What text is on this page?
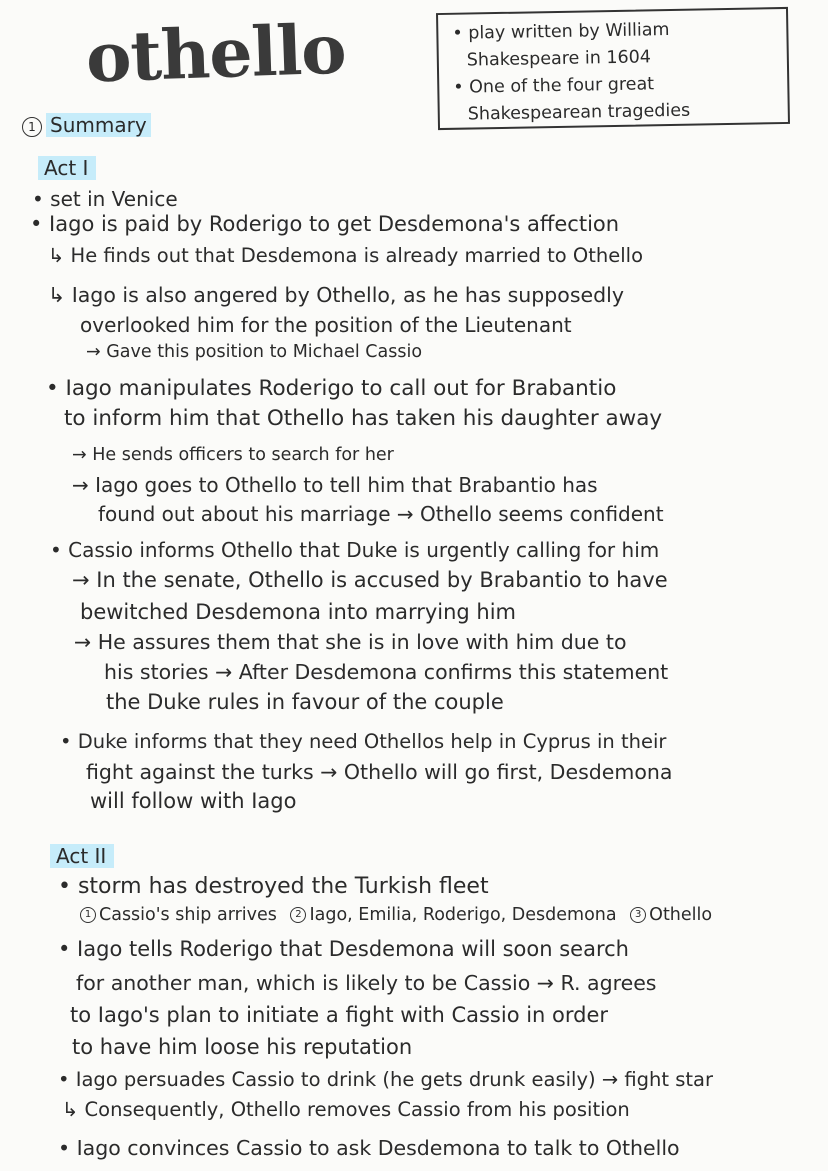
othello	• play written by William
Shakespeare in 1604
• One of the four great
Shakespearean tragedies
1 Summary
Act I
• set in Venice
• Iago is paid by Roderigo to get Desdemona's affection
↳ He finds out that Desdemona is already married to Othello
↳ Iago is also angered by Othello, as he has supposedly
overlooked him for the position of the Lieutenant
→ Gave this position to Michael Cassio
• Iago manipulates Roderigo to call out for Brabantio
to inform him that Othello has taken his daughter away
→ He sends officers to search for her
→ Iago goes to Othello to tell him that Brabantio has
found out about his marriage → Othello seems confident
• Cassio informs Othello that Duke is urgently calling for him
→ In the senate, Othello is accused by Brabantio to have
bewitched Desdemona into marrying him
→ He assures them that she is in love with him due to
his stories → After Desdemona confirms this statement
the Duke rules in favour of the couple
• Duke informs that they need Othellos help in Cyprus in their
fight against the turks → Othello will go first, Desdemona
will follow with Iago
Act II
• storm has destroyed the Turkish fleet
1 Cassio's ship arrives 2 Iago, Emilia, Roderigo, Desdemona 3 Othello
• Iago tells Roderigo that Desdemona will soon search
for another man, which is likely to be Cassio → R. agrees
to Iago's plan to initiate a fight with Cassio in order
to have him loose his reputation
• Iago persuades Cassio to drink (he gets drunk easily) → fight star
↳ Consequently, Othello removes Cassio from his position
• Iago convinces Cassio to ask Desdemona to talk to Othello
